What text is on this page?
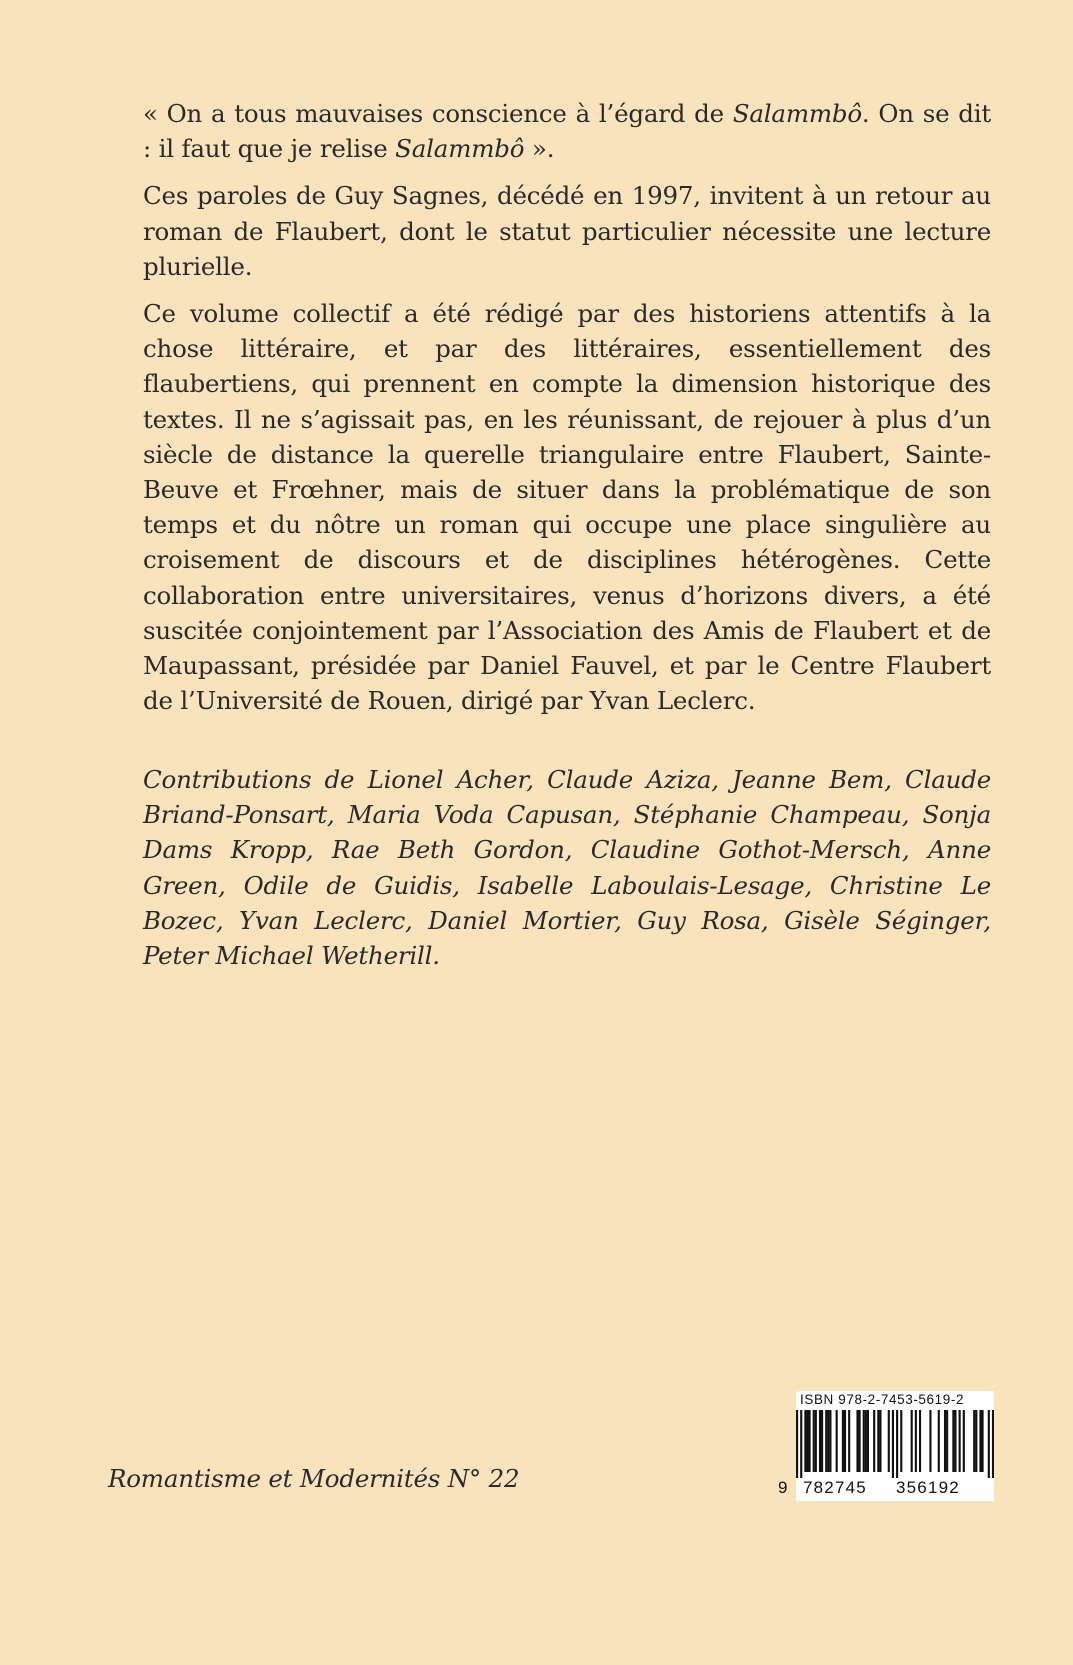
« On a tous mauvaises conscience à l’égard de Salammbô. On se dit : il faut que je relise Salammbô ».

Ces paroles de Guy Sagnes, décédé en 1997, invitent à un retour au roman de Flaubert, dont le statut particulier nécessite une lecture plurielle.

Ce volume collectif a été rédigé par des historiens attentifs à la chose littéraire, et par des littéraires, essentiellement des flaubertiens, qui prennent en compte la dimension historique des textes. Il ne s’agissait pas, en les réunissant, de rejouer à plus d’un siècle de distance la querelle triangulaire entre Flaubert, Sainte-Beuve et Frœhner, mais de situer dans la problématique de son temps et du nôtre un roman qui occupe une place singulière au croisement de discours et de disciplines hétérogènes. Cette collaboration entre universitaires, venus d’horizons divers, a été suscitée conjointement par l’Association des Amis de Flaubert et de Maupassant, présidée par Daniel Fauvel, et par le Centre Flaubert de l’Université de Rouen, dirigé par Yvan Leclerc.

Contributions de Lionel Acher, Claude Aziza, Jeanne Bem, Claude Briand-Ponsart, Maria Voda Capusan, Stéphanie Champeau, Sonja Dams Kropp, Rae Beth Gordon, Claudine Gothot-Mersch, Anne Green, Odile de Guidis, Isabelle Laboulais-Lesage, Christine Le Bozec, Yvan Leclerc, Daniel Mortier, Guy Rosa, Gisèle Séginger, Peter Michael Wetherill.

Romantisme et Modernités N° 22

ISBN 978-2-7453-5619-2
9 782745 356192
